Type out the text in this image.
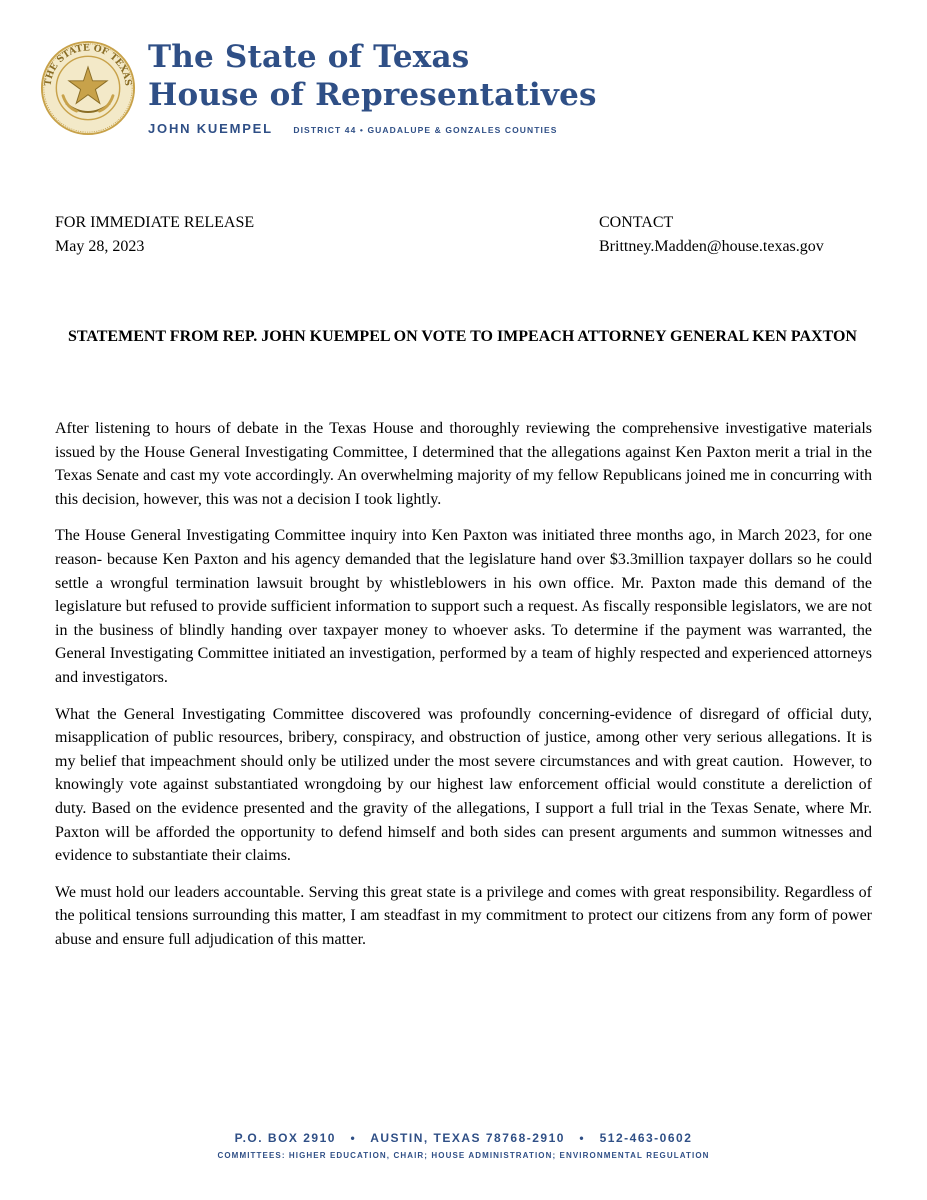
THE STATE OF TEXAS
The State of Texas
House of Representatives
JOHN KUEMPEL DISTRICT 44 • GUADALUPE & GONZALES COUNTIES
FOR IMMEDIATE RELEASE
May 28, 2023
CONTACT
Brittney.Madden@house.texas.gov
STATEMENT FROM REP. JOHN KUEMPEL ON VOTE TO IMPEACH ATTORNEY GENERAL KEN PAXTON

After listening to hours of debate in the Texas House and thoroughly reviewing the comprehensive investigative materials issued by the House General Investigating Committee, I determined that the allegations against Ken Paxton merit a trial in the Texas Senate and cast my vote accordingly. An overwhelming majority of my fellow Republicans joined me in concurring with this decision, however, this was not a decision I took lightly.

The House General Investigating Committee inquiry into Ken Paxton was initiated three months ago, in March 2023, for one reason- because Ken Paxton and his agency demanded that the legislature hand over $3.3million taxpayer dollars so he could settle a wrongful termination lawsuit brought by whistleblowers in his own office. Mr. Paxton made this demand of the legislature but refused to provide sufficient information to support such a request. As fiscally responsible legislators, we are not in the business of blindly handing over taxpayer money to whoever asks. To determine if the payment was warranted, the General Investigating Committee initiated an investigation, performed by a team of highly respected and experienced attorneys and investigators.

What the General Investigating Committee discovered was profoundly concerning-evidence of disregard of official duty, misapplication of public resources, bribery, conspiracy, and obstruction of justice, among other very serious allegations. It is my belief that impeachment should only be utilized under the most severe circumstances and with great caution.  However, to knowingly vote against substantiated wrongdoing by our highest law enforcement official would constitute a dereliction of duty. Based on the evidence presented and the gravity of the allegations, I support a full trial in the Texas Senate, where Mr. Paxton will be afforded the opportunity to defend himself and both sides can present arguments and summon witnesses and evidence to substantiate their claims.

We must hold our leaders accountable. Serving this great state is a privilege and comes with great responsibility. Regardless of the political tensions surrounding this matter, I am steadfast in my commitment to protect our citizens from any form of power abuse and ensure full adjudication of this matter.

P.O. BOX 2910   •   AUSTIN, TEXAS 78768-2910   •   512-463-0602
COMMITTEES: HIGHER EDUCATION, CHAIR; HOUSE ADMINISTRATION; ENVIRONMENTAL REGULATION
